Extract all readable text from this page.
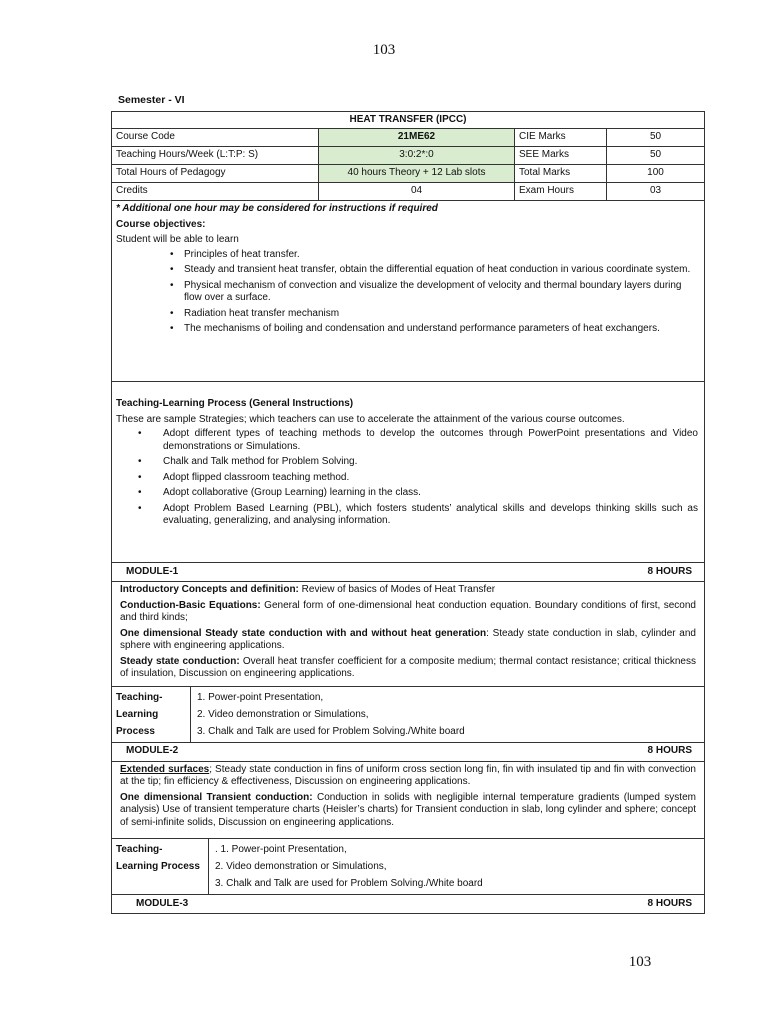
103
Semester - VI
HEAT TRANSFER (IPCC)
Course Code	21ME62	CIE Marks	50
Teaching Hours/Week (L:T:P: S)	3:0:2*:0	SEE Marks	50
Total Hours of Pedagogy	40 hours Theory + 12 Lab slots	Total Marks	100
Credits	04	Exam Hours	03

* Additional one hour may be considered for instructions if required

Course objectives:

Student will be able to learn

• Principles of heat transfer.
• Steady and transient heat transfer, obtain the differential equation of heat conduction in various coordinate system.
• Physical mechanism of convection and visualize the development of velocity and thermal boundary layers during flow over a surface.
• Radiation heat transfer mechanism
• The mechanisms of boiling and condensation and understand performance parameters of heat exchangers.

Teaching-Learning Process (General Instructions)

These are sample Strategies; which teachers can use to accelerate the attainment of the various course outcomes.

• Adopt different types of teaching methods to develop the outcomes through PowerPoint presentations and Video demonstrations or Simulations.
• Chalk and Talk method for Problem Solving.
• Adopt flipped classroom teaching method.
• Adopt collaborative (Group Learning) learning in the class.
• Adopt Problem Based Learning (PBL), which fosters students’ analytical skills and develops thinking skills such as evaluating, generalizing, and analysing information.
MODULE-1	8 HOURS
Introductory Concepts and definition: Review of basics of Modes of Heat Transfer
Conduction-Basic Equations: General form of one-dimensional heat conduction equation. Boundary conditions of first, second and third kinds;
One dimensional Steady state conduction with and without heat generation: Steady state conduction in slab, cylinder and sphere with engineering applications.
Steady state conduction: Overall heat transfer coefficient for a composite medium; thermal contact resistance; critical thickness of insulation, Discussion on engineering applications.
Teaching-
Learning
Process
1. Power-point Presentation,
2. Video demonstration or Simulations,
3. Chalk and Talk are used for Problem Solving./White board
MODULE-2	8 HOURS
Extended surfaces; Steady state conduction in fins of uniform cross section long fin, fin with insulated tip and fin with convection at the tip; fin efficiency & effectiveness, Discussion on engineering applications.
One dimensional Transient conduction: Conduction in solids with negligible internal temperature gradients (lumped system analysis) Use of transient temperature charts (Heisler’s charts) for Transient conduction in slab, long cylinder and sphere; concept of semi-infinite solids, Discussion on engineering applications.
Teaching-
Learning Process
. 1. Power-point Presentation,
2. Video demonstration or Simulations,
3. Chalk and Talk are used for Problem Solving./White board
MODULE-3	8 HOURS
103
